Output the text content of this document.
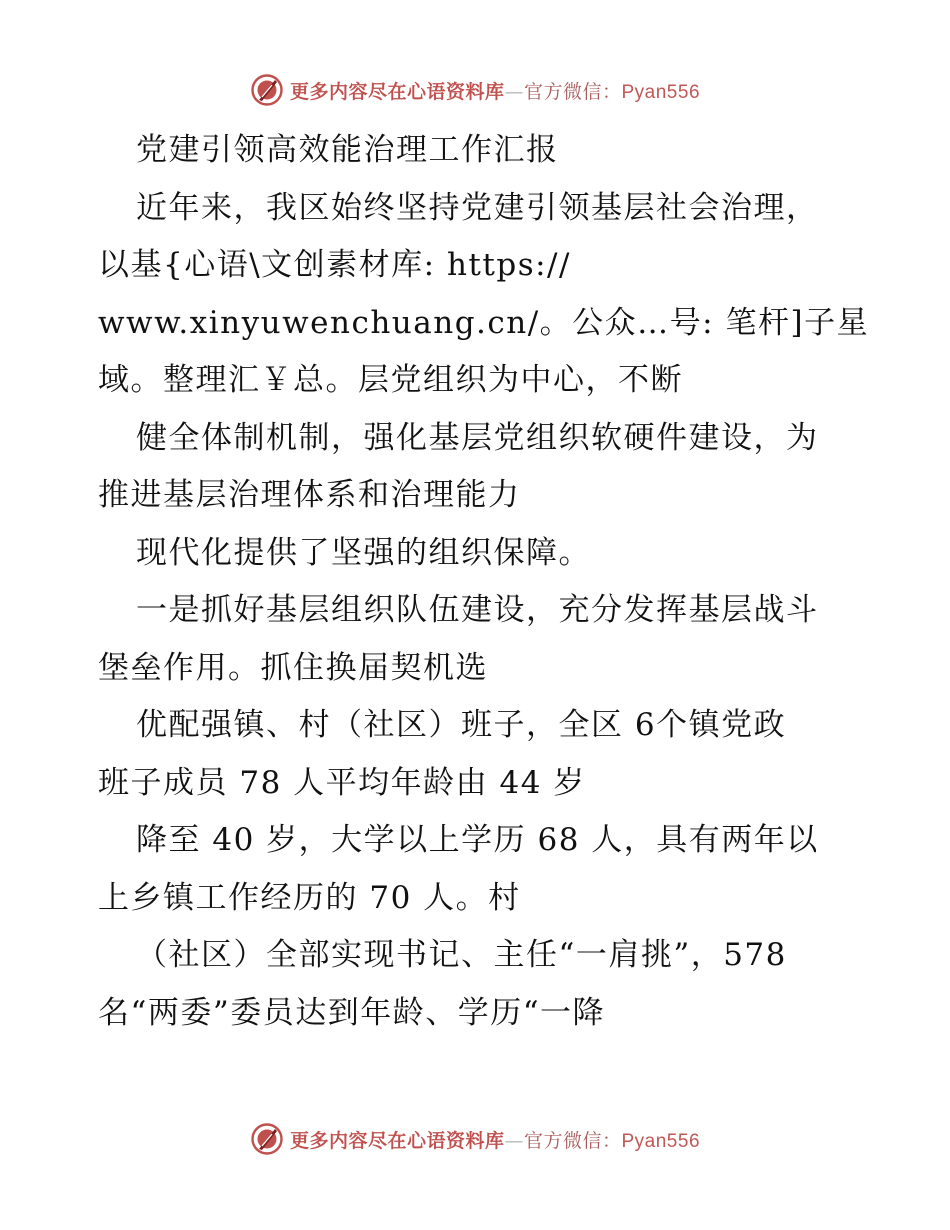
更多内容尽在心语资料库—官方微信：Pyan556

党建引领高效能治理工作汇报

近年来，我区始终坚持党建引领基层社会治理，

以基{心语\文创素材库: https://

www.xinyuwenchuang.cn/。公众…号: 笔杆]子星

域。整理汇￥总。层党组织为中心，不断

健全体制机制，强化基层党组织软硬件建设，为

推进基层治理体系和治理能力

现代化提供了坚强的组织保障。

一是抓好基层组织队伍建设，充分发挥基层战斗

堡垒作用。抓住换届契机选

优配强镇、村（社区）班子，全区 6个镇党政

班子成员 78 人平均年龄由 44 岁

降至 40 岁，大学以上学历 68 人，具有两年以

上乡镇工作经历的 70 人。村

（社区）全部实现书记、主任“一肩挑”，578

名“两委”委员达到年龄、学历“一降

更多内容尽在心语资料库—官方微信：Pyan556
